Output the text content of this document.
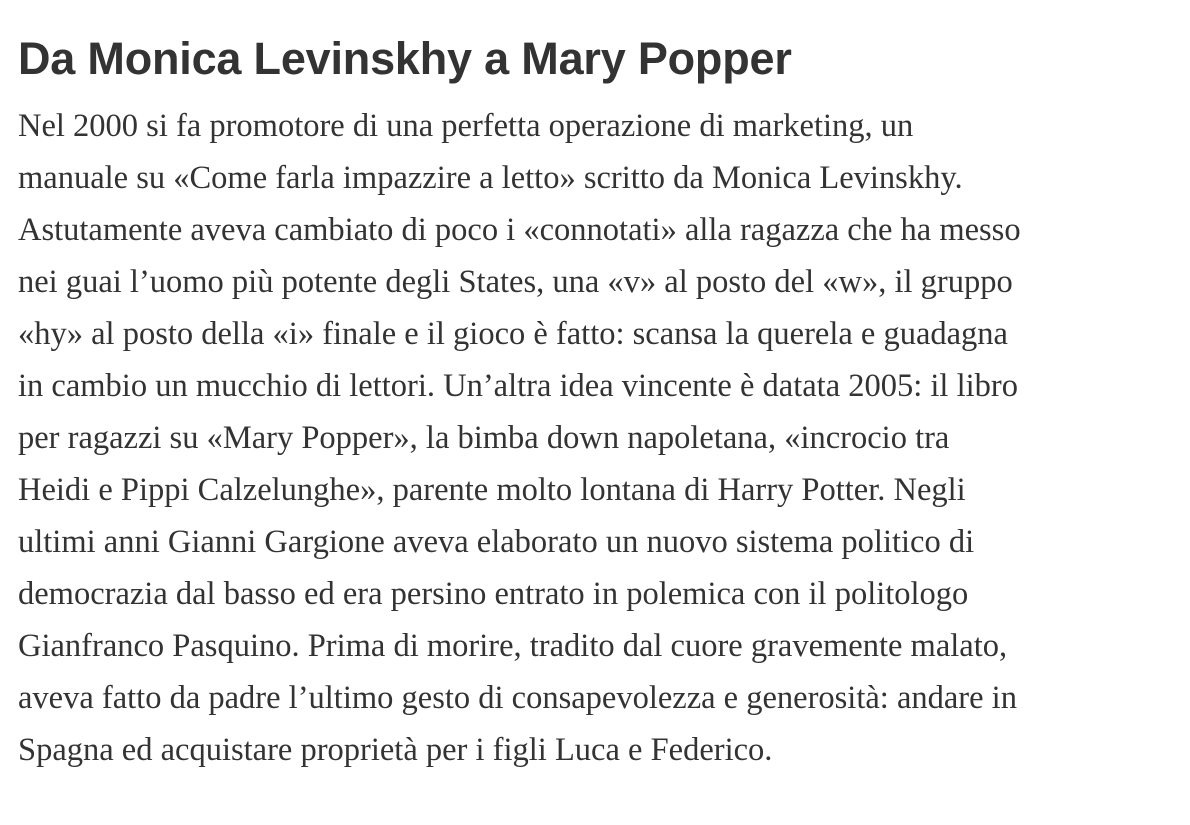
Da Monica Levinskhy a Mary Popper

Nel 2000 si fa promotore di una perfetta operazione di marketing, un
manuale su «Come farla impazzire a letto» scritto da Monica Levinskhy.
Astutamente aveva cambiato di poco i «connotati» alla ragazza che ha messo
nei guai l’uomo più potente degli States, una «v» al posto del «w», il gruppo
«hy» al posto della «i» finale e il gioco è fatto: scansa la querela e guadagna
in cambio un mucchio di lettori. Un’altra idea vincente è datata 2005: il libro
per ragazzi su «Mary Popper», la bimba down napoletana, «incrocio tra
Heidi e Pippi Calzelunghe», parente molto lontana di Harry Potter. Negli
ultimi anni Gianni Gargione aveva elaborato un nuovo sistema politico di
democrazia dal basso ed era persino entrato in polemica con il politologo
Gianfranco Pasquino. Prima di morire, tradito dal cuore gravemente malato,
aveva fatto da padre l’ultimo gesto di consapevolezza e generosità: andare in
Spagna ed acquistare proprietà per i figli Luca e Federico.
